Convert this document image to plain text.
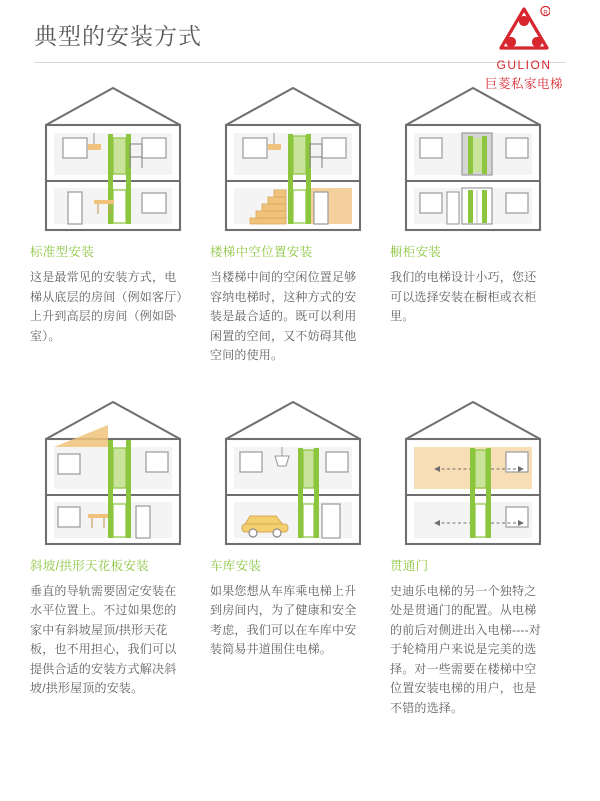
典型的安装方式
R
GULION
巨菱私家电梯
标准型安装
这是最常见的安装方式，电梯从底层的房间（例如客厅）上升到高层的房间（例如卧室）。
楼梯中空位置安装
当楼梯中间的空闲位置足够容纳电梯时，这种方式的安装是最合适的。既可以利用闲置的空间，又不妨碍其他空间的使用。
橱柜安装
我们的电梯设计小巧，您还可以选择安装在橱柜或衣柜里。
斜坡/拱形天花板安装
垂直的导轨需要固定安装在水平位置上。不过如果您的家中有斜坡屋顶/拱形天花板，也不用担心，我们可以提供合适的安装方式解决斜坡/拱形屋顶的安装。
车库安装
如果您想从车库乘电梯上升到房间内，为了健康和安全考虑，我们可以在车库中安装简易井道围住电梯。
贯通门
史迪乐电梯的另一个独特之处是贯通门的配置。从电梯的前后对侧进出入电梯----对于轮椅用户来说是完美的选择。对一些需要在楼梯中空位置安装电梯的用户，也是不错的选择。
